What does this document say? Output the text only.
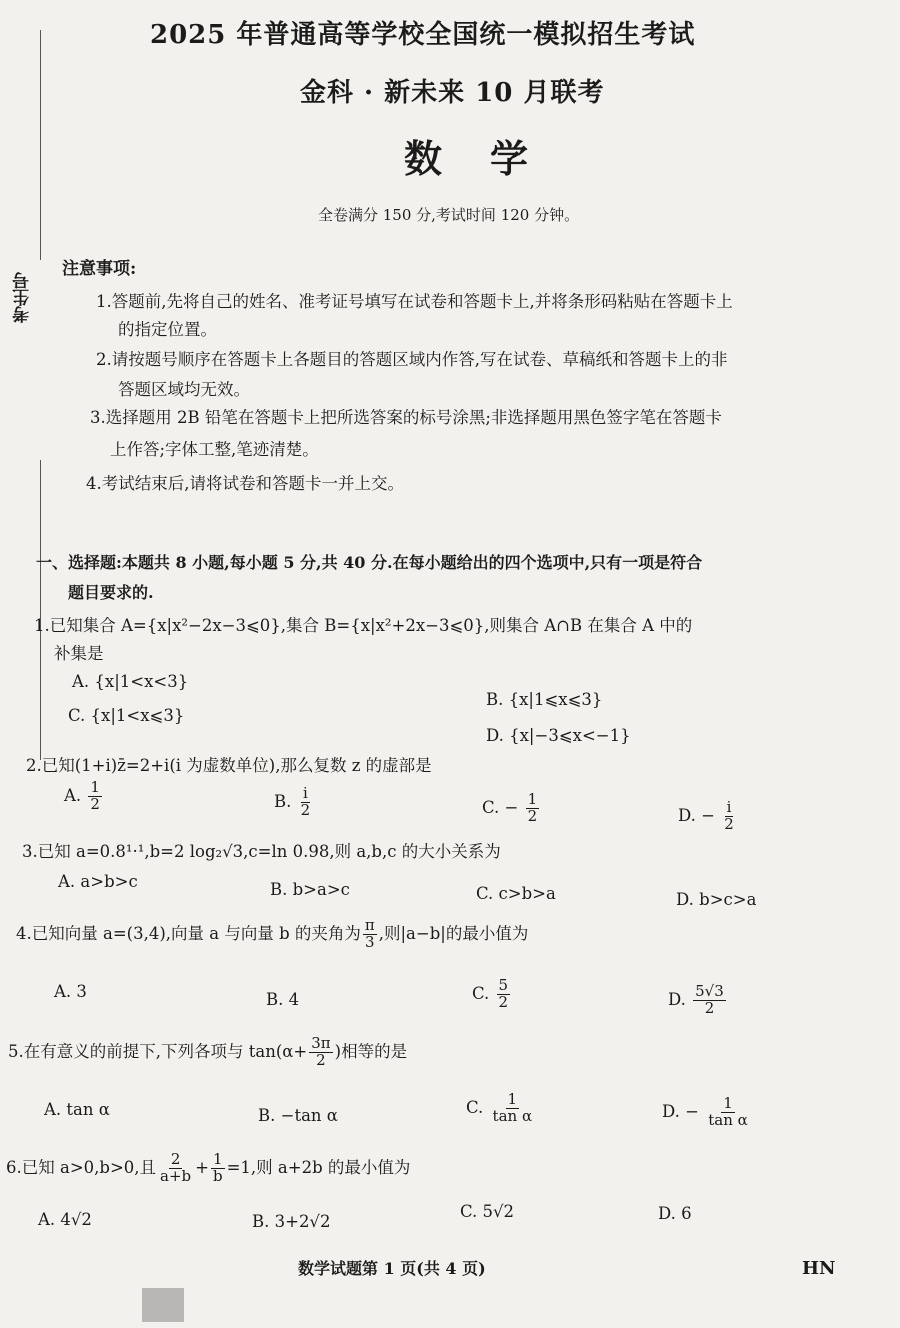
考生号
2025 年普通高等学校全国统一模拟招生考试
金科 · 新未来 10 月联考
数学
全卷满分 150 分,考试时间 120 分钟。
注意事项:
1.答题前,先将自己的姓名、准考证号填写在试卷和答题卡上,并将条形码粘贴在答题卡上
的指定位置。
2.请按题号顺序在答题卡上各题目的答题区域内作答,写在试卷、草稿纸和答题卡上的非
答题区域均无效。
3.选择题用 2B 铅笔在答题卡上把所选答案的标号涂黑;非选择题用黑色签字笔在答题卡
上作答;字体工整,笔迹清楚。
4.考试结束后,请将试卷和答题卡一并上交。
一、选择题:本题共 8 小题,每小题 5 分,共 40 分.在每小题给出的四个选项中,只有一项是符合
题目要求的.
1.已知集合 A={x|x²−2x−3⩽0},集合 B={x|x²+2x−3⩽0},则集合 A∩B 在集合 A 中的
补集是
A. {x|1<x<3}
B. {x|1⩽x⩽3}
C. {x|1<x⩽3}
D. {x|−3⩽x<−1}
2.已知(1+i)z̄=2+i(i 为虚数单位),那么复数 z 的虚部是
A. $\frac{1}{2}$	B. $\frac{i}{2}$	C. − $\frac{1}{2}$	D. − $\frac{i}{2}$
3.已知 a=0.8¹·¹,b=2 log₂√3,c=ln 0.98,则 a,b,c 的大小关系为
A. a>b>c	B. b>a>c	C. c>b>a	D. b>c>a
4.已知向量 a=(3,4),向量 a 与向量 b 的夹角为 $\frac{\pi}{3}$ ,则|a−b|的最小值为
A. 3	B. 4	C. $\frac{5}{2}$	D. $\frac{5√3}{2}$
5.在有意义的前提下,下列各项与 $\tan(\alpha+ \frac{3\pi}{2}$ )相等的是
A. tan α	B. −tan α	C. $\frac{1}{\text{tan α}}$	D. − $\frac{1}{\text{tan α}}$
6.已知 a>0,b>0,且 $\frac{2}{a+b} + \frac{1}{b} =1$,则 a+2b 的最小值为
A. 4√2	B. 3+2√2
C. 5√2	D. 6
数学试题第 1 页(共 4 页)	HN
